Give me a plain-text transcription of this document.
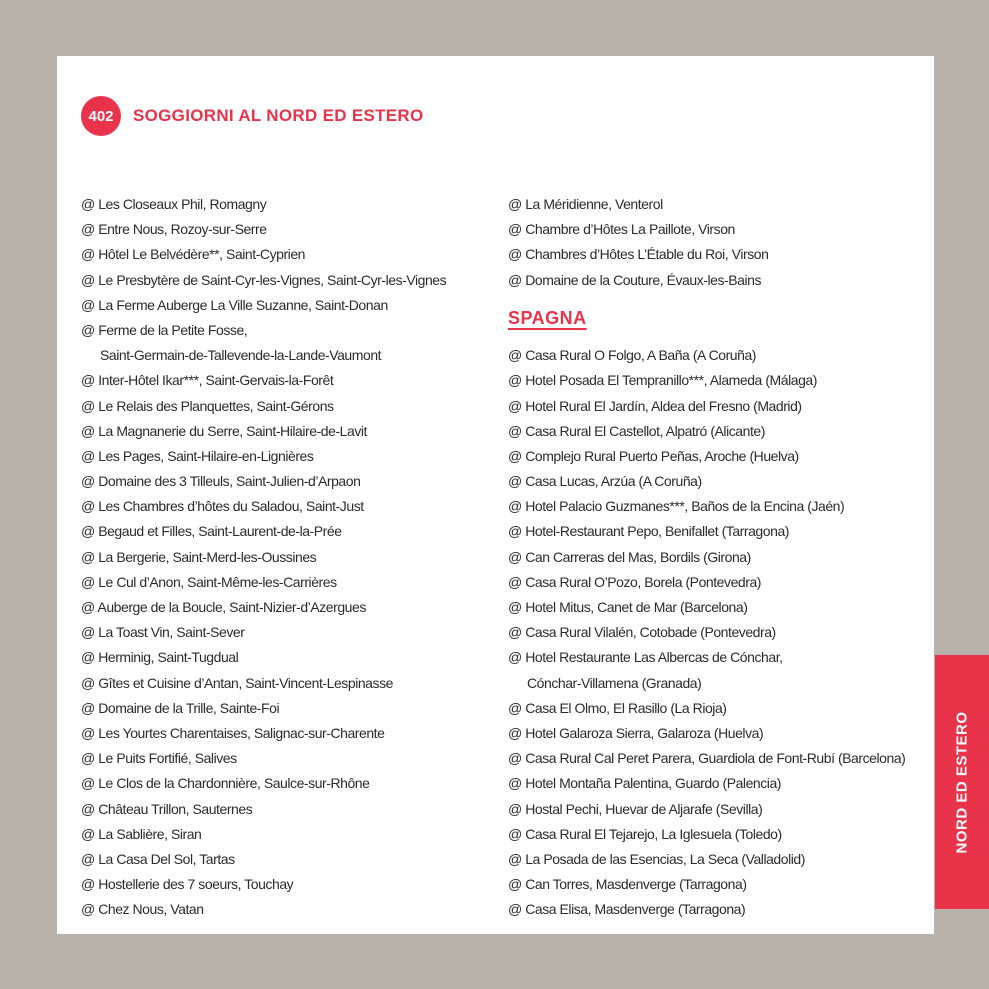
402	SOGGIORNI AL NORD ED ESTERO
@ Les Closeaux Phil, Romagny
@ Entre Nous, Rozoy-sur-Serre
@ Hôtel Le Belvédère**, Saint-Cyprien
@ Le Presbytère de Saint-Cyr-les-Vignes, Saint-Cyr-les-Vignes
@ La Ferme Auberge La Ville Suzanne, Saint-Donan
@ Ferme de la Petite Fosse,
Saint-Germain-de-Tallevende-la-Lande-Vaumont
@ Inter-Hôtel Ikar***, Saint-Gervais-la-Forêt
@ Le Relais des Planquettes, Saint-Gérons
@ La Magnanerie du Serre, Saint-Hilaire-de-Lavit
@ Les Pages, Saint-Hilaire-en-Lignières
@ Domaine des 3 Tilleuls, Saint-Julien-d’Arpaon
@ Les Chambres d’hôtes du Saladou, Saint-Just
@ Begaud et Filles, Saint-Laurent-de-la-Prée
@ La Bergerie, Saint-Merd-les-Oussines
@ Le Cul d’Anon, Saint-Même-les-Carrières
@ Auberge de la Boucle, Saint-Nizier-d’Azergues
@ La Toast Vin, Saint-Sever
@ Herminig, Saint-Tugdual
@ Gîtes et Cuisine d’Antan, Saint-Vincent-Lespinasse
@ Domaine de la Trille, Sainte-Foi
@ Les Yourtes Charentaises, Salignac-sur-Charente
@ Le Puits Fortifié, Salives
@ Le Clos de la Chardonnière, Saulce-sur-Rhône
@ Château Trillon, Sauternes
@ La Sablière, Siran
@ La Casa Del Sol, Tartas
@ Hostellerie des 7 soeurs, Touchay
@ Chez Nous, Vatan
@ La Méridienne, Venterol
@ Chambre d’Hôtes La Paillote, Virson
@ Chambres d’Hôtes L’Étable du Roi, Virson
@ Domaine de la Couture, Évaux-les-Bains
SPAGNA
@ Casa Rural O Folgo, A Baña (A Coruña)
@ Hotel Posada El Tempranillo***, Alameda (Málaga)
@ Hotel Rural El Jardín, Aldea del Fresno (Madrid)
@ Casa Rural El Castellot, Alpatró (Alicante)
@ Complejo Rural Puerto Peñas, Aroche (Huelva)
@ Casa Lucas, Arzúa (A Coruña)
@ Hotel Palacio Guzmanes***, Baños de la Encina (Jaén)
@ Hotel-Restaurant Pepo, Benifallet (Tarragona)
@ Can Carreras del Mas, Bordils (Girona)
@ Casa Rural O’Pozo, Borela (Pontevedra)
@ Hotel Mitus, Canet de Mar (Barcelona)
@ Casa Rural Vilalén, Cotobade (Pontevedra)
@ Hotel Restaurante Las Albercas de Cónchar,
Cónchar-Villamena (Granada)
@ Casa El Olmo, El Rasillo (La Rioja)
@ Hotel Galaroza Sierra, Galaroza (Huelva)
@ Casa Rural Cal Peret Parera, Guardiola de Font-Rubí (Barcelona)
@ Hotel Montaña Palentina, Guardo (Palencia)
@ Hostal Pechi, Huevar de Aljarafe (Sevilla)
@ Casa Rural El Tejarejo, La Iglesuela (Toledo)
@ La Posada de las Esencias, La Seca (Valladolid)
@ Can Torres, Masdenverge (Tarragona)
@ Casa Elisa, Masdenverge (Tarragona)
NORD ED ESTERO
